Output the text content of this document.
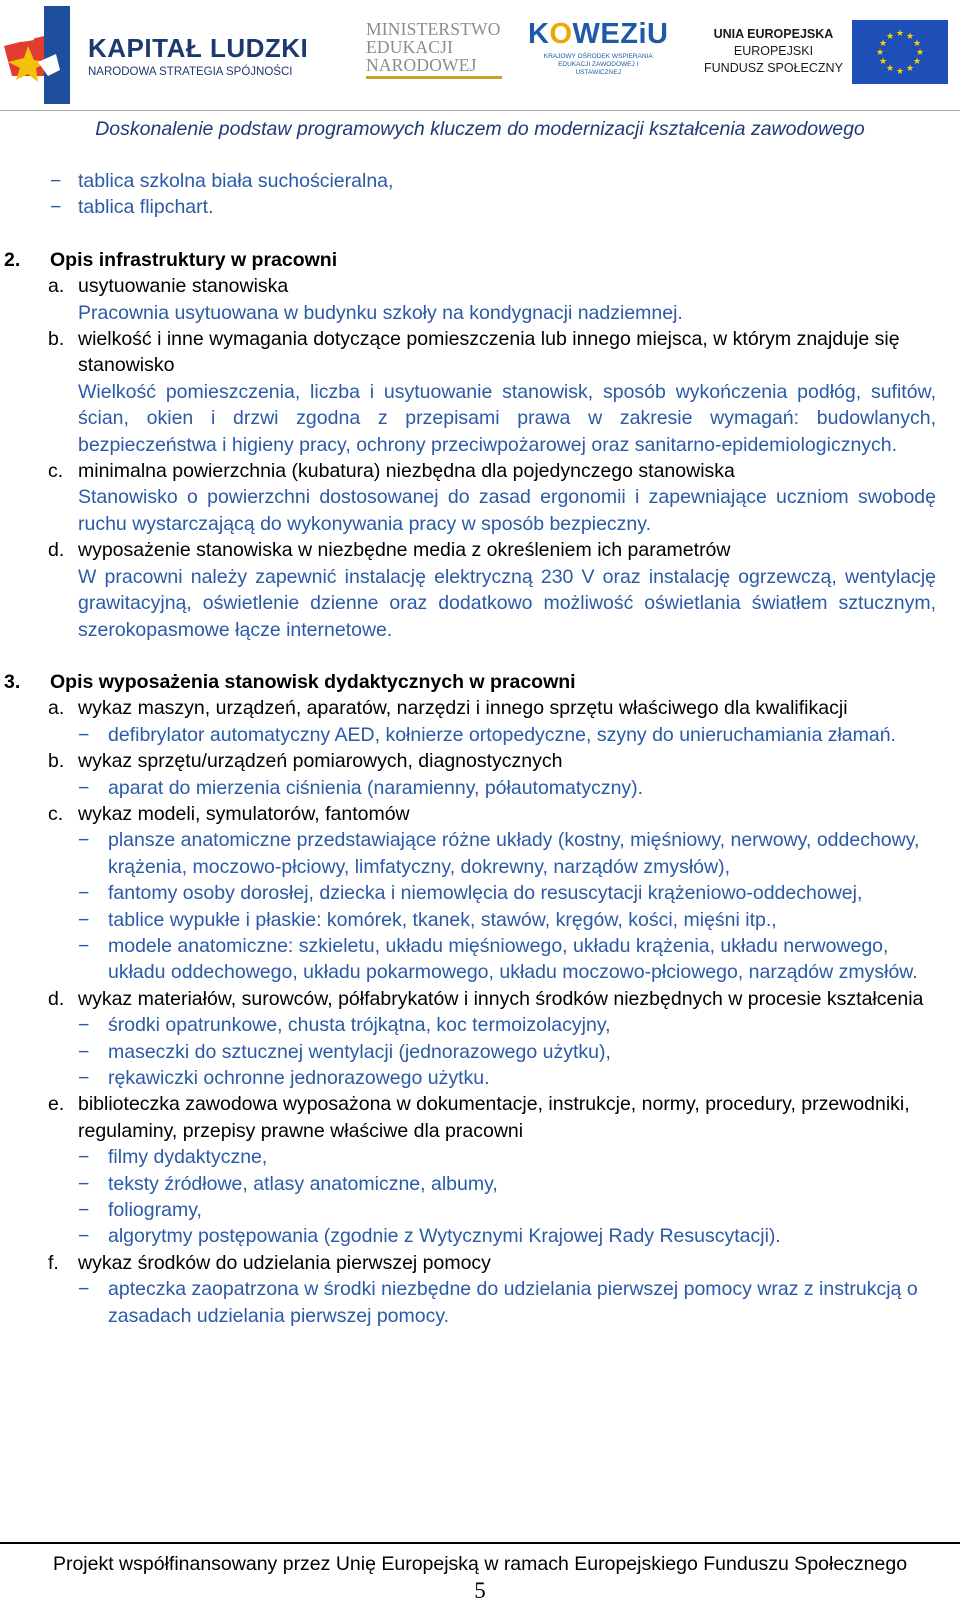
KAPITAŁ LUDZKI
NARODOWA STRATEGIA SPÓJNOŚCI
MINISTERSTWO
EDUKACJI
NARODOWEJ
KOWEZiU
KRAJOWY OŚRODEK WSPIERANIA
EDUKACJI ZAWODOWEJ I USTAWICZNEJ
UNIA EUROPEJSKA
EUROPEJSKI
FUNDUSZ SPOŁECZNY
★ ★
★
★
★
★
★
★
★
★
★
★
Doskonalenie podstaw programowych kluczem do modernizacji kształcenia zawodowego
− tablica szkolna biała suchościeralna,
− tablica flipchart.
2. Opis infrastruktury w pracowni
a. usytuowanie stanowiska
Pracownia usytuowana w budynku szkoły na kondygnacji nadziemnej.
b. wielkość i inne wymagania dotyczące pomieszczenia lub innego miejsca, w którym znajduje się stanowisko
Wielkość pomieszczenia, liczba i usytuowanie stanowisk, sposób wykończenia podłóg, sufitów, ścian, okien i drzwi zgodna z przepisami prawa w zakresie wymagań: budowlanych, bezpieczeństwa i higieny pracy, ochrony przeciwpożarowej oraz sanitarno-epidemiologicznych.
c. minimalna powierzchnia (kubatura) niezbędna dla pojedynczego stanowiska
Stanowisko o powierzchni dostosowanej do zasad ergonomii i zapewniające uczniom swobodę ruchu wystarczającą do wykonywania pracy w sposób bezpieczny.
d. wyposażenie stanowiska w niezbędne media z określeniem ich parametrów
W pracowni należy zapewnić instalację elektryczną 230 V oraz instalację ogrzewczą, wentylację grawitacyjną, oświetlenie dzienne oraz dodatkowo możliwość oświetlania światłem sztucznym, szerokopasmowe łącze internetowe.
3. Opis wyposażenia stanowisk dydaktycznych w pracowni
a. wykaz maszyn, urządzeń, aparatów, narzędzi i innego sprzętu właściwego dla kwalifikacji
− defibrylator automatyczny AED, kołnierze ortopedyczne, szyny do unieruchamiania złamań.
b. wykaz sprzętu/urządzeń pomiarowych, diagnostycznych
− aparat do mierzenia ciśnienia (naramienny, półautomatyczny).
c. wykaz modeli, symulatorów, fantomów
− plansze anatomiczne przedstawiające różne układy (kostny, mięśniowy, nerwowy, oddechowy, krążenia, moczowo-płciowy, limfatyczny, dokrewny, narządów zmysłów),
− fantomy osoby dorosłej, dziecka i niemowlęcia do resuscytacji krążeniowo-oddechowej,
− tablice wypukłe i płaskie: komórek, tkanek, stawów, kręgów, kości, mięśni itp.,
− modele anatomiczne: szkieletu, układu mięśniowego, układu krążenia, układu nerwowego, układu oddechowego, układu pokarmowego, układu moczowo-płciowego, narządów zmysłów.
d. wykaz materiałów, surowców, półfabrykatów i innych środków niezbędnych w procesie kształcenia
− środki opatrunkowe, chusta trójkątna, koc termoizolacyjny,
− maseczki do sztucznej wentylacji (jednorazowego użytku),
− rękawiczki ochronne jednorazowego użytku.
e. biblioteczka zawodowa wyposażona w dokumentacje, instrukcje, normy, procedury, przewodniki, regulaminy, przepisy prawne właściwe dla pracowni
− filmy dydaktyczne,
− teksty źródłowe, atlasy anatomiczne, albumy,
− foliogramy,
− algorytmy postępowania (zgodnie z Wytycznymi Krajowej Rady Resuscytacji).
f. wykaz środków do udzielania pierwszej pomocy
− apteczka zaopatrzona w środki niezbędne do udzielania pierwszej pomocy wraz z instrukcją o zasadach udzielania pierwszej pomocy.
Projekt współfinansowany przez Unię Europejską w ramach Europejskiego Funduszu Społecznego
5
